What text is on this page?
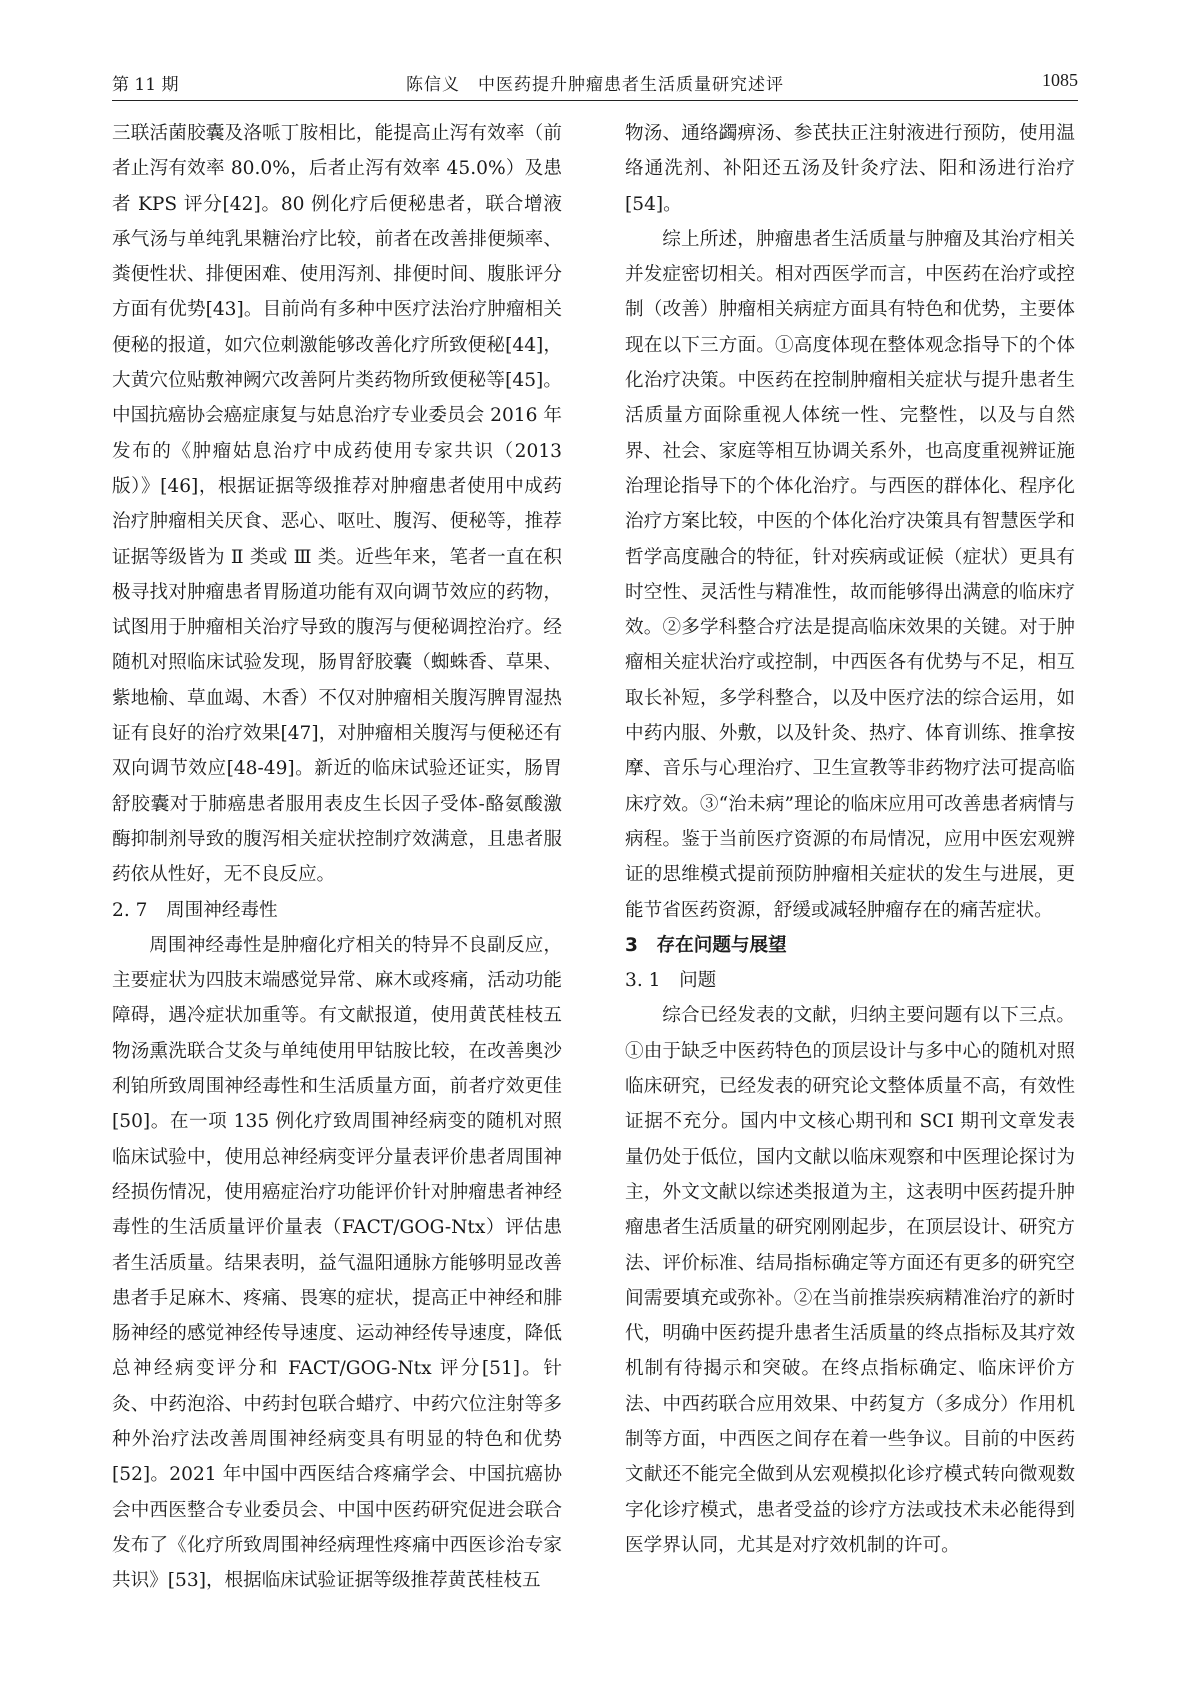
第 11 期	陈信义　中医药提升肿瘤患者生活质量研究述评	1085

三联活菌胶囊及洛哌丁胺相比，能提高止泻有效率（前者止泻有效率 80.0%，后者止泻有效率 45.0%）及患者 KPS 评分[42]。80 例化疗后便秘患者，联合增液承气汤与单纯乳果糖治疗比较，前者在改善排便频率、粪便性状、排便困难、使用泻剂、排便时间、腹胀评分方面有优势[43]。目前尚有多种中医疗法治疗肿瘤相关便秘的报道，如穴位刺激能够改善化疗所致便秘[44]，大黄穴位贴敷神阙穴改善阿片类药物所致便秘等[45]。中国抗癌协会癌症康复与姑息治疗专业委员会 2016 年发布的《肿瘤姑息治疗中成药使用专家共识（2013 版）》[46]，根据证据等级推荐对肿瘤患者使用中成药治疗肿瘤相关厌食、恶心、呕吐、腹泻、便秘等，推荐证据等级皆为 Ⅱ 类或 Ⅲ 类。近些年来，笔者一直在积极寻找对肿瘤患者胃肠道功能有双向调节效应的药物，试图用于肿瘤相关治疗导致的腹泻与便秘调控治疗。经随机对照临床试验发现，肠胃舒胶囊（蜘蛛香、草果、紫地榆、草血竭、木香）不仅对肿瘤相关腹泻脾胃湿热证有良好的治疗效果[47]，对肿瘤相关腹泻与便秘还有双向调节效应[48-49]。新近的临床试验还证实，肠胃舒胶囊对于肺癌患者服用表皮生长因子受体-酪氨酸激酶抑制剂导致的腹泻相关症状控制疗效满意，且患者服药依从性好，无不良反应。

2. 7　周围神经毒性

周围神经毒性是肿瘤化疗相关的特异不良副反应，主要症状为四肢末端感觉异常、麻木或疼痛，活动功能障碍，遇冷症状加重等。有文献报道，使用黄芪桂枝五物汤熏洗联合艾灸与单纯使用甲钴胺比较，在改善奥沙利铂所致周围神经毒性和生活质量方面，前者疗效更佳[50]。在一项 135 例化疗致周围神经病变的随机对照临床试验中，使用总神经病变评分量表评价患者周围神经损伤情况，使用癌症治疗功能评价针对肿瘤患者神经毒性的生活质量评价量表（FACT/GOG-Ntx）评估患者生活质量。结果表明，益气温阳通脉方能够明显改善患者手足麻木、疼痛、畏寒的症状，提高正中神经和腓肠神经的感觉神经传导速度、运动神经传导速度，降低总神经病变评分和 FACT/GOG-Ntx 评分[51]。针灸、中药泡浴、中药封包联合蜡疗、中药穴位注射等多种外治疗法改善周围神经病变具有明显的特色和优势[52]。2021 年中国中西医结合疼痛学会、中国抗癌协会中西医整合专业委员会、中国中医药研究促进会联合发布了《化疗所致周围神经病理性疼痛中西医诊治专家共识》[53]，根据临床试验证据等级推荐黄芪桂枝五

物汤、通络蠲痹汤、参芪扶正注射液进行预防，使用温络通洗剂、补阳还五汤及针灸疗法、阳和汤进行治疗[54]。

综上所述，肿瘤患者生活质量与肿瘤及其治疗相关并发症密切相关。相对西医学而言，中医药在治疗或控制（改善）肿瘤相关病症方面具有特色和优势，主要体现在以下三方面。①高度体现在整体观念指导下的个体化治疗决策。中医药在控制肿瘤相关症状与提升患者生活质量方面除重视人体统一性、完整性，以及与自然界、社会、家庭等相互协调关系外，也高度重视辨证施治理论指导下的个体化治疗。与西医的群体化、程序化治疗方案比较，中医的个体化治疗决策具有智慧医学和哲学高度融合的特征，针对疾病或证候（症状）更具有时空性、灵活性与精准性，故而能够得出满意的临床疗效。②多学科整合疗法是提高临床效果的关键。对于肿瘤相关症状治疗或控制，中西医各有优势与不足，相互取长补短，多学科整合，以及中医疗法的综合运用，如中药内服、外敷，以及针灸、热疗、体育训练、推拿按摩、音乐与心理治疗、卫生宣教等非药物疗法可提高临床疗效。③“治未病”理论的临床应用可改善患者病情与病程。鉴于当前医疗资源的布局情况，应用中医宏观辨证的思维模式提前预防肿瘤相关症状的发生与进展，更能节省医药资源，舒缓或减轻肿瘤存在的痛苦症状。

3　存在问题与展望

3. 1　问题

综合已经发表的文献，归纳主要问题有以下三点。①由于缺乏中医药特色的顶层设计与多中心的随机对照临床研究，已经发表的研究论文整体质量不高，有效性证据不充分。国内中文核心期刊和 SCI 期刊文章发表量仍处于低位，国内文献以临床观察和中医理论探讨为主，外文文献以综述类报道为主，这表明中医药提升肿瘤患者生活质量的研究刚刚起步，在顶层设计、研究方法、评价标准、结局指标确定等方面还有更多的研究空间需要填充或弥补。②在当前推崇疾病精准治疗的新时代，明确中医药提升患者生活质量的终点指标及其疗效机制有待揭示和突破。在终点指标确定、临床评价方法、中西药联合应用效果、中药复方（多成分）作用机制等方面，中西医之间存在着一些争议。目前的中医药文献还不能完全做到从宏观模拟化诊疗模式转向微观数字化诊疗模式，患者受益的诊疗方法或技术未必能得到医学界认同，尤其是对疗效机制的许可。
